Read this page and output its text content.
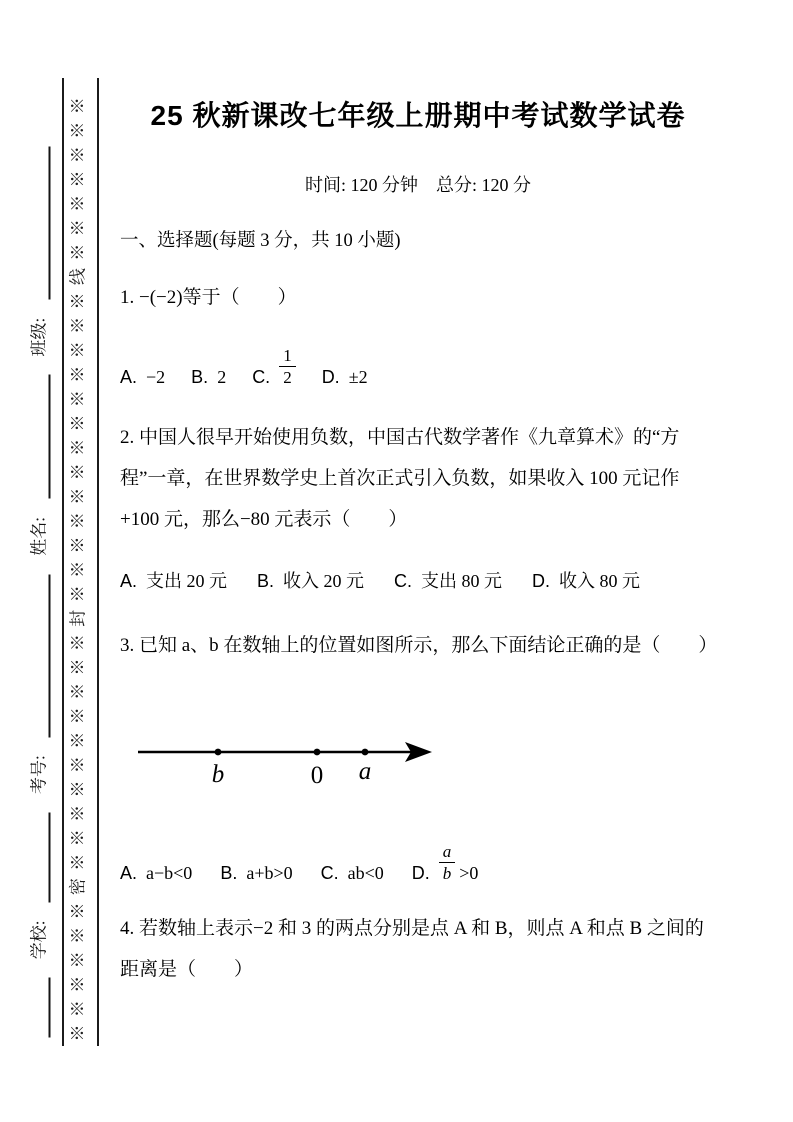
※※※※※※密※※※※※※※※※※封※※※※※※※※※※※※※线※※※※※※※
学校:
考号:
姓名:
班级:
25 秋新课改七年级上册期中考试数学试卷
时间: 120 分钟　总分: 120 分
一、选择题(每题 3 分，共 10 小题)
1. −(−2)等于（　　）
A. −2 B. 2 C. $\frac{1}{2} D$. ±2
2. 中国人很早开始使用负数，中国古代数学著作《九章算术》的“方程”一章，在世界数学史上首次正式引入负数，如果收入 100 元记作 +100 元，那么−80 元表示（　　）
A. 支出 20 元 B. 收入 20 元 C. 支出 80 元 D. 收入 80 元
3. 已知 a、b 在数轴上的位置如图所示，那么下面结论正确的是（　　）
b	0 a
A. a−b<0 B. a+b>0 C. ab<0 D. $\frac{a}{b} >0$
4. 若数轴上表示−2 和 3 的两点分别是点 A 和 B，则点 A 和点 B 之间的距离是（　　）
